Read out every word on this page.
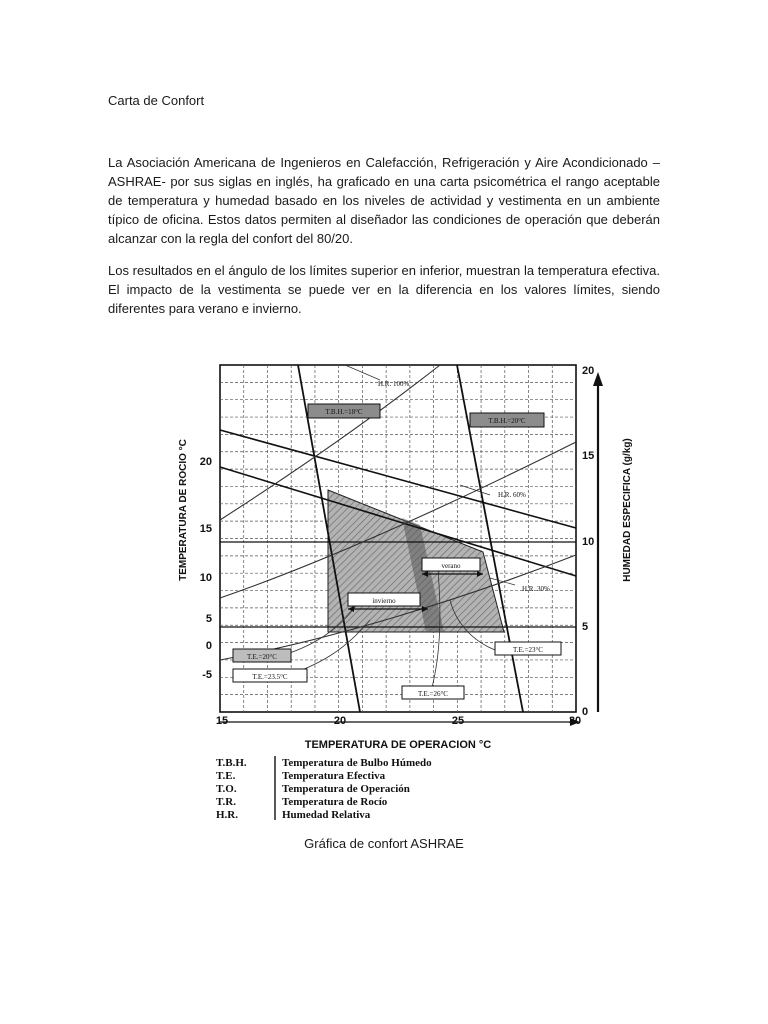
Carta de Confort

La Asociación Americana de Ingenieros en Calefacción, Refrigeración y Aire Acondicionado –ASHRAE- por sus siglas en inglés, ha graficado en una carta psicométrica el rango aceptable de temperatura y humedad basado en los niveles de actividad y vestimenta en un ambiente típico de oficina. Estos datos permiten al diseñador las condiciones de operación que deberán alcanzar con la regla del confort del 80/20.

Los resultados en el ángulo de los límites superior en inferior, muestran la temperatura efectiva. El impacto de la vestimenta se puede ver en la diferencia en los valores límites, siendo diferentes para verano e invierno.

T.B.H.=18°C
T.B.H.=20°C
H.R. 100%
H.R. 60%
H.R. 30%
verano
invierno
T.E.=20°C
T.E.=23.5°C
T.E.=23°C
T.E.=26°C
15	20	25	30
20
15
10
5
0
-5
20
15
10
5
0
TEMPERATURA DE OPERACION °C
TEMPERATURA DE ROCIO °C	HUMEDAD ESPECIFICA (g/kg)
T.B.H.	Temperatura de Bulbo Húmedo
T.E.	Temperatura Efectiva
T.O.	Temperatura de Operación
T.R.	Temperatura de Rocío
H.R.	Humedad Relativa
Gráfica de confort ASHRAE
